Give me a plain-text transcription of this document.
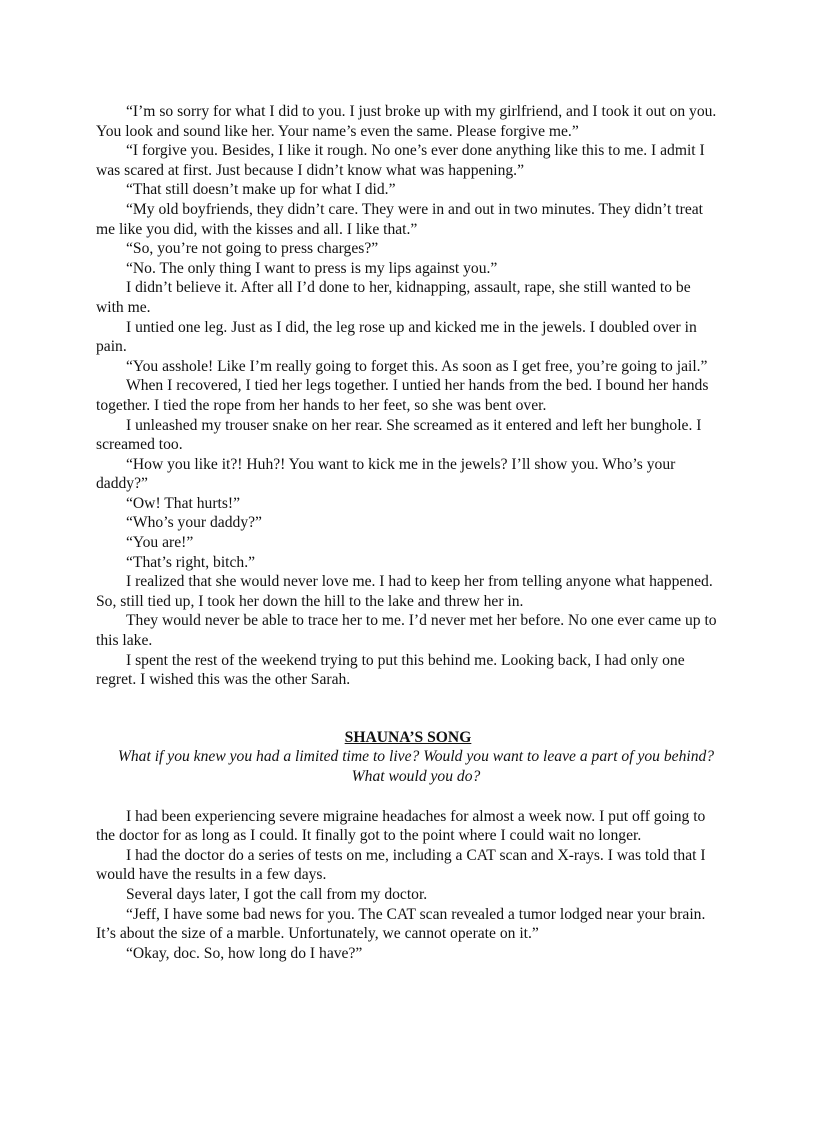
“I’m so sorry for what I did to you. I just broke up with my girlfriend, and I took it out on you. You look and sound like her. Your name’s even the same. Please forgive me.”

“I forgive you. Besides, I like it rough. No one’s ever done anything like this to me. I admit I was scared at first. Just because I didn’t know what was happening.”

“That still doesn’t make up for what I did.”

“My old boyfriends, they didn’t care. They were in and out in two minutes. They didn’t treat me like you did, with the kisses and all. I like that.”

“So, you’re not going to press charges?”

“No. The only thing I want to press is my lips against you.”

I didn’t believe it. After all I’d done to her, kidnapping, assault, rape, she still wanted to be with me.

I untied one leg. Just as I did, the leg rose up and kicked me in the jewels. I doubled over in pain.

“You asshole! Like I’m really going to forget this. As soon as I get free, you’re going to jail.”

When I recovered, I tied her legs together. I untied her hands from the bed. I bound her hands together. I tied the rope from her hands to her feet, so she was bent over.

I unleashed my trouser snake on her rear. She screamed as it entered and left her bunghole. I screamed too.

“How you like it?! Huh?! You want to kick me in the jewels? I’ll show you. Who’s your daddy?”

“Ow! That hurts!”

“Who’s your daddy?”

“You are!”

“That’s right, bitch.”

I realized that she would never love me. I had to keep her from telling anyone what happened. So, still tied up, I took her down the hill to the lake and threw her in.

They would never be able to trace her to me. I’d never met her before. No one ever came up to this lake.

I spent the rest of the weekend trying to put this behind me. Looking back, I had only one regret. I wished this was the other Sarah.

SHAUNA’S SONG

What if you knew you had a limited time to live? Would you want to leave a part of you behind? What would you do?

I had been experiencing severe migraine headaches for almost a week now. I put off going to the doctor for as long as I could. It finally got to the point where I could wait no longer.

I had the doctor do a series of tests on me, including a CAT scan and X-rays. I was told that I would have the results in a few days.

Several days later, I got the call from my doctor.

“Jeff, I have some bad news for you. The CAT scan revealed a tumor lodged near your brain. It’s about the size of a marble. Unfortunately, we cannot operate on it.”

“Okay, doc. So, how long do I have?”
